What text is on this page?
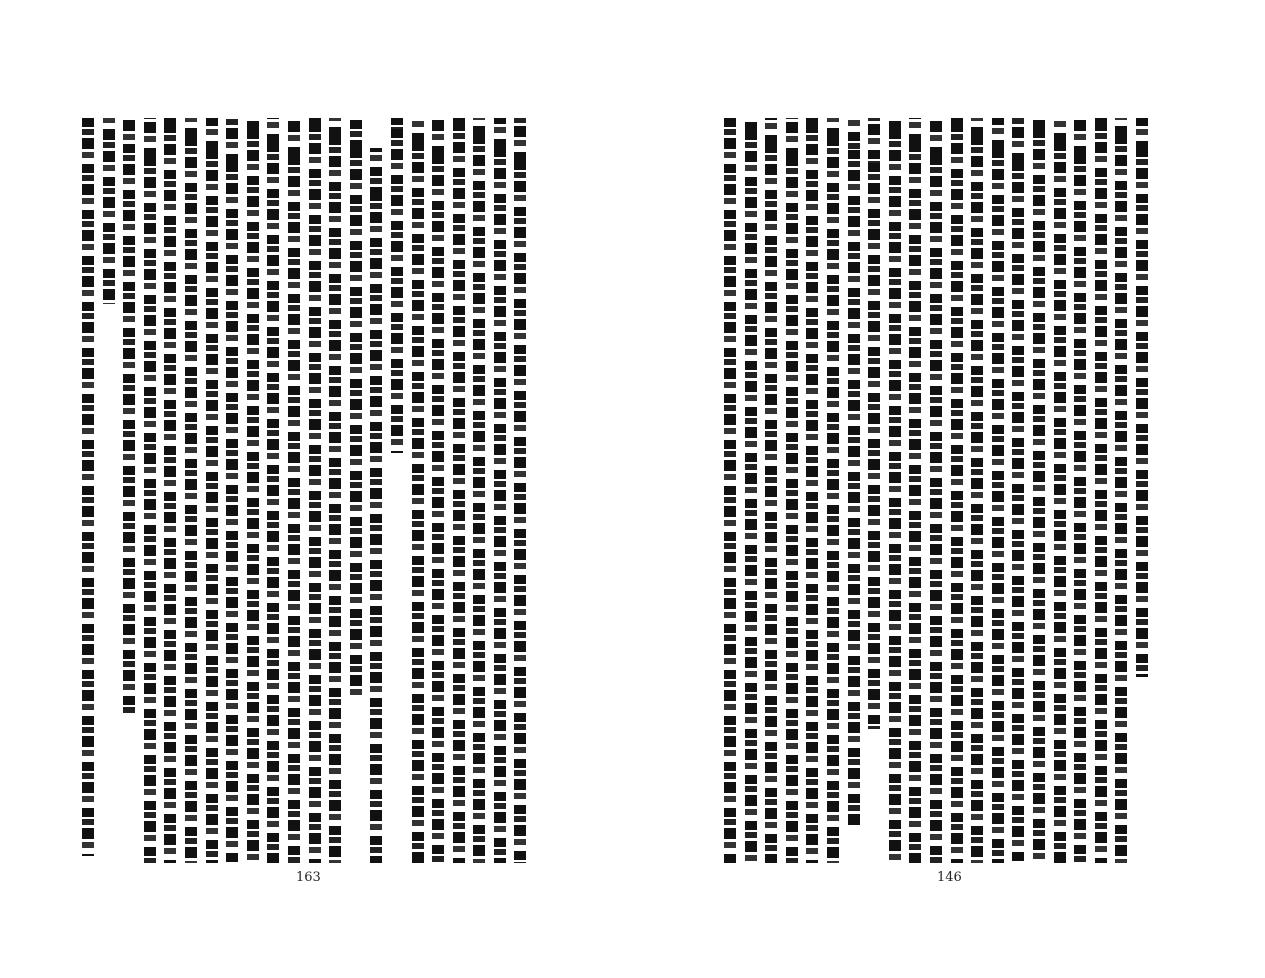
163	146
